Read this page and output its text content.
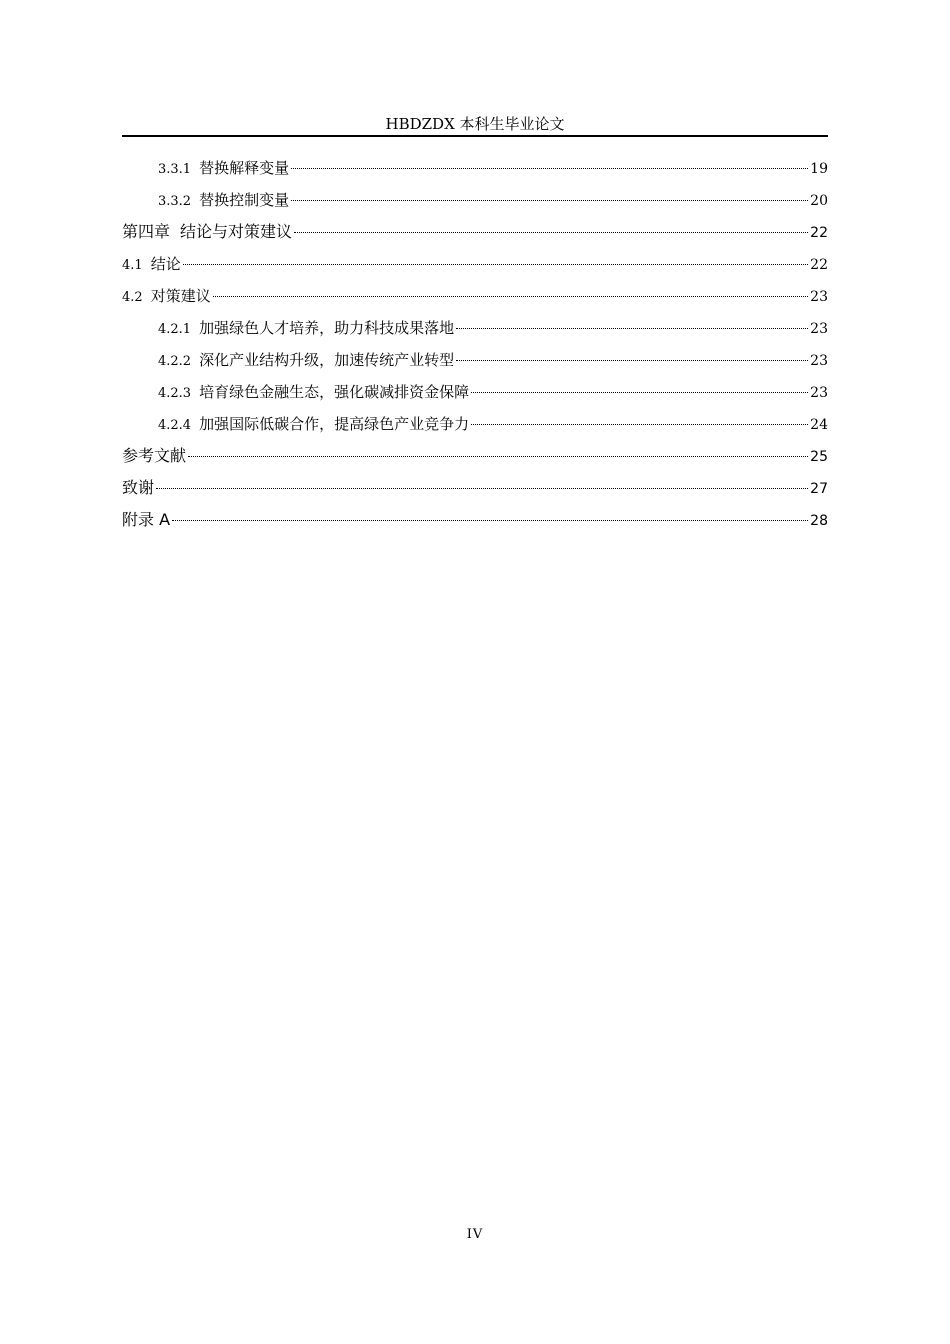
HBDZDX 本科生毕业论文
3.3.1 替换解释变量	19
3.3.2 替换控制变量	20
第四章 结论与对策建议	22
4.1 结论	22
4.2 对策建议	23
4.2.1 加强绿色人才培养，助力科技成果落地	23
4.2.2 深化产业结构升级，加速传统产业转型	23
4.2.3 培育绿色金融生态，强化碳减排资金保障	23
4.2.4 加强国际低碳合作，提高绿色产业竞争力	24
参考文献	25
致谢	27
附录 A	28
IV
